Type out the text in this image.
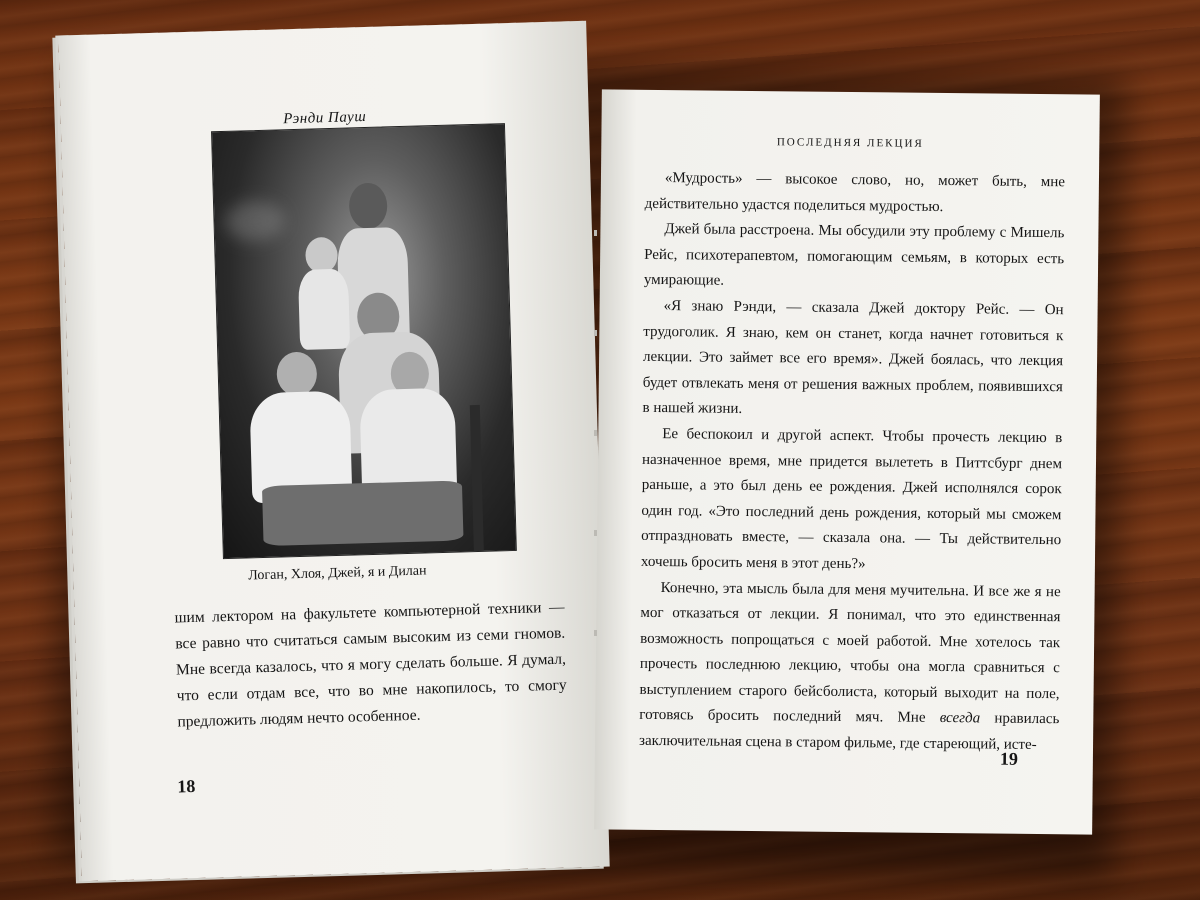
Рэнди Пауш
Логан, Хлоя, Джей, я и Дилан

шим лектором на факультете компьютерной техники — все равно что считаться самым высоким из семи гномов. Мне всегда казалось, что я могу сделать больше. Я думал, что если отдам все, что во мне накопилось, то смогу предложить людям нечто особенное.

18
ПОСЛЕДНЯЯ ЛЕКЦИЯ

«Мудрость» — высокое слово, но, может быть, мне действительно удастся поделиться мудростью.

Джей была расстроена. Мы обсудили эту проблему с Мишель Рейс, психотерапевтом, помогающим семьям, в которых есть умирающие.

«Я знаю Рэнди, — сказала Джей доктору Рейс. — Он трудоголик. Я знаю, кем он станет, когда начнет готовиться к лекции. Это займет все его время». Джей боялась, что лекция будет отвлекать меня от решения важных проблем, появившихся в нашей жизни.

Ее беспокоил и другой аспект. Чтобы прочесть лекцию в назначенное время, мне придется вылететь в Питтсбург днем раньше, а это был день ее рождения. Джей исполнялся сорок один год. «Это последний день рождения, который мы сможем отпраздновать вместе, — сказала она. — Ты действительно хочешь бросить меня в этот день?»

Конечно, эта мысль была для меня мучительна. И все же я не мог отказаться от лекции. Я понимал, что это единственная возможность попрощаться с моей работой. Мне хотелось так прочесть последнюю лекцию, чтобы она могла сравниться с выступлением старого бейсболиста, который выходит на поле, готовясь бросить последний мяч. Мне всегда нравилась заключительная сцена в старом фильме, где стареющий, исте-

19
